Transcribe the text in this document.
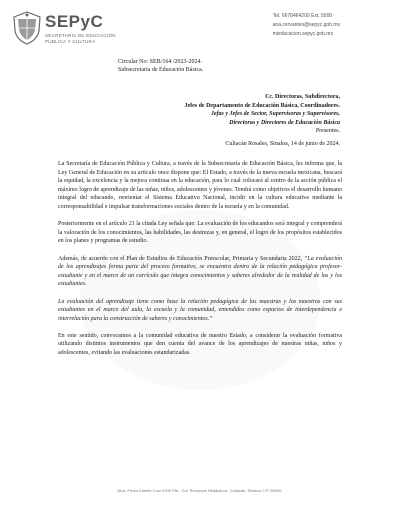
SEPyC
SECRETARÍA DE EDUCACIÓN
PÚBLICA Y CULTURA
Tel. 6678464200 Ext. 5000
ana.cervantes@sepyc.gob.mx
mieducacion.sepyc.gob.mx
Circular No: SEB/164 /2023-2024.
Subsecretaría de Educación Básica.
Cc. Directoras, Subdirectora,
Jefes de Departamento de Educación Básica, Coordinadores.
Jefas y Jefes de Sector, Supervisoras y Supervisores,
Directoras y Directores de Educación Básica
Presentes.
Culiacán Rosales, Sinaloa, 14 de junio de 2024.

La Secretaría de Educación Pública y Cultura, a través de la Subsecretaría de Educación Básica, les informa que, la Ley General de Educación en su artículo once dispone que: El Estado, a través de la nueva escuela mexicana, buscará la equidad, la excelencia y la mejora continua en la educación, para lo cual colocará al centro de la acción pública el máximo logro de aprendizaje de las niñas, niños, adolescentes y jóvenes. Tendrá como objetivos el desarrollo humano integral del educando, reorientar el Sistema Educativo Nacional, incidir en la cultura educativa mediante la corresponsabilidad e impulsar transformaciones sociales dentro de la escuela y en la comunidad.

Posteriormente en el artículo 21 la citada Ley señala que: La evaluación de los educandos será integral y comprenderá la valoración de los conocimientos, las habilidades, las destrezas y, en general, el logro de los propósitos establecidos en los planes y programas de estudio.

Además, de acuerdo con el Plan de Estudios de Educación Preescolar, Primaria y Secundaria 2022, “La evaluación de los aprendizajes forma parte del proceso formativo, se encuentra dentro de la relación pedagógica profesor-estudiante y en el marco de un currículo que integra conocimientos y saberes alrededor de la realidad de las y los estudiantes.

La evaluación del aprendizaje tiene como base la relación pedagógica de las maestras y los maestros con sus estudiantes en el marco del aula, la escuela y la comunidad, entendidos como espacios de interdependencia e interrelación para la construcción de saberes y conocimientos.”

En este sentido, convocamos a la comunidad educativa de nuestro Estado, a considerar la evaluación formativa utilizando distintos instrumentos que den cuenta del avance de los aprendizajes de nuestras niñas, niños y adolescentes, evitando las evaluaciones estandarizadas.

Blvd. Pedro Infante Cruz 2200 Pte., Col. Recursos Hidráulicos. Culiacán, Sinaloa C.P. 80000.
